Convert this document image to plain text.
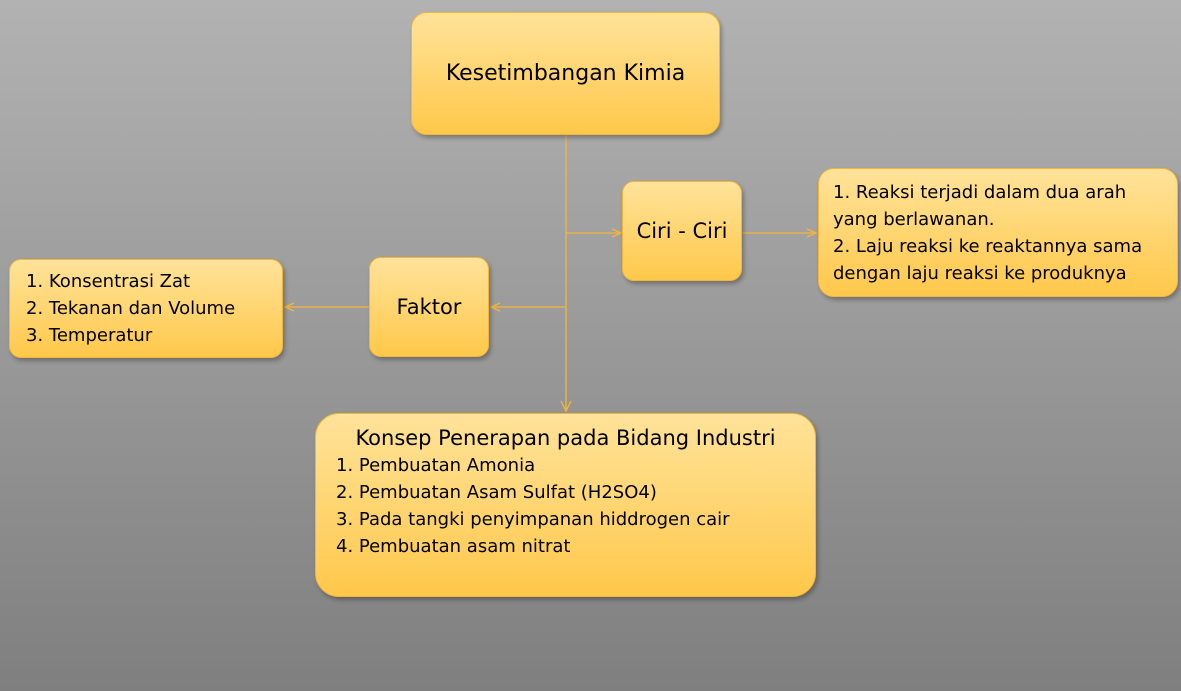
Kesetimbangan Kimia
Ciri - Ciri
1. Reaksi terjadi dalam dua arah
yang berlawanan.
2. Laju reaksi ke reaktannya sama
dengan laju reaksi ke produknya
Faktor
1. Konsentrasi Zat
2. Tekanan dan Volume
3. Temperatur
Konsep Penerapan pada Bidang Industri
1. Pembuatan Amonia
2. Pembuatan Asam Sulfat (H2SO4)
3. Pada tangki penyimpanan hiddrogen cair
4. Pembuatan asam nitrat
